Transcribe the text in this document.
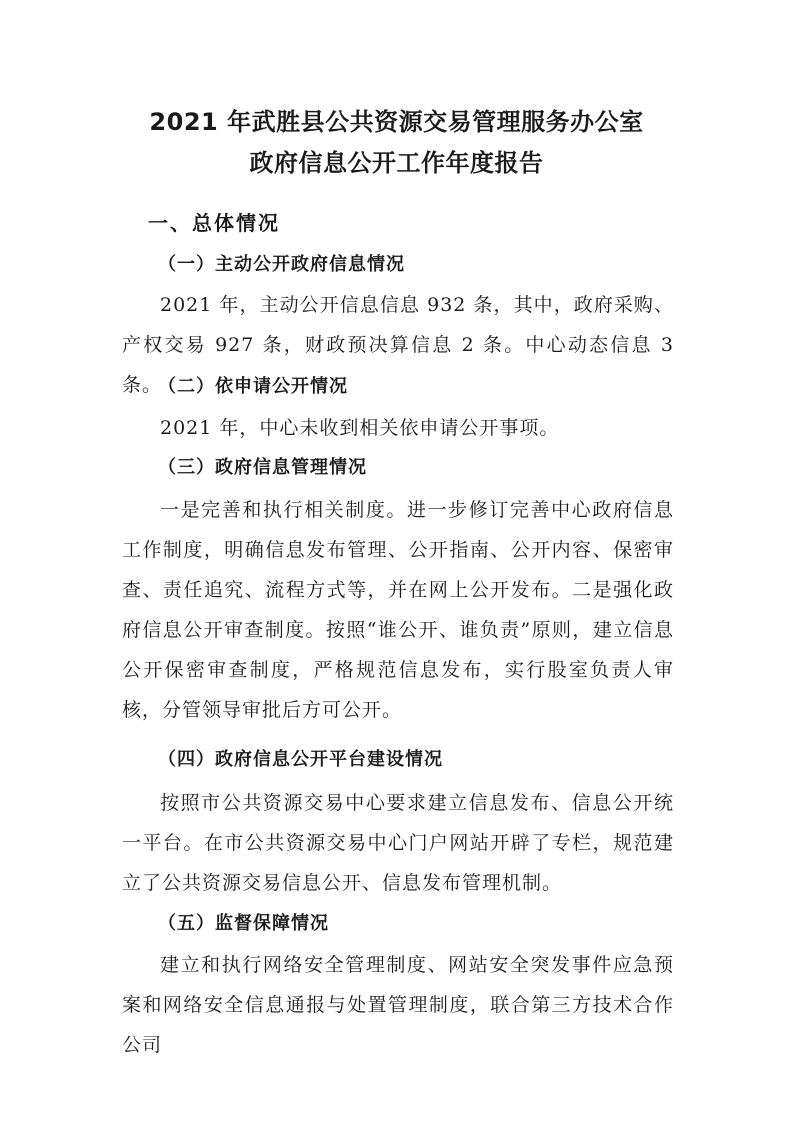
2021 年武胜县公共资源交易管理服务办公室
政府信息公开工作年度报告
一、总体情况
（一）主动公开政府信息情况
2021 年，主动公开信息信息 932 条，其中，政府采购、产权交易 927 条，财政预决算信息 2 条。中心动态信息 3 条。
（二）依申请公开情况
2021 年，中心未收到相关依申请公开事项。
（三）政府信息管理情况
一是完善和执行相关制度。进一步修订完善中心政府信息工作制度，明确信息发布管理、公开指南、公开内容、保密审查、责任追究、流程方式等，并在网上公开发布。二是强化政府信息公开审查制度。按照“谁公开、谁负责”原则，建立信息公开保密审查制度，严格规范信息发布，实行股室负责人审核，分管领导审批后方可公开。
（四）政府信息公开平台建设情况
按照市公共资源交易中心要求建立信息发布、信息公开统一平台。在市公共资源交易中心门户网站开辟了专栏，规范建立了公共资源交易信息公开、信息发布管理机制。
（五）监督保障情况
建立和执行网络安全管理制度、网站安全突发事件应急预案和网络安全信息通报与处置管理制度，联合第三方技术合作公司
